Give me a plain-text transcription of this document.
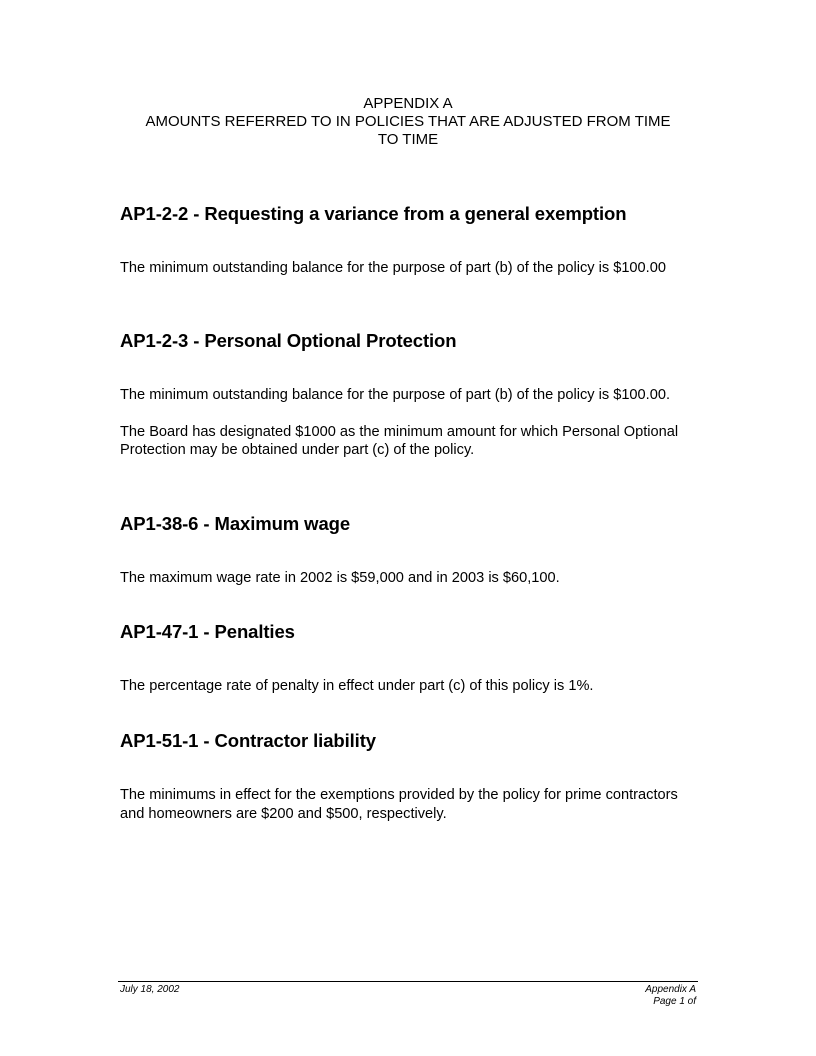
APPENDIX A
AMOUNTS REFERRED TO IN POLICIES THAT ARE ADJUSTED FROM TIME
TO TIME
AP1-2-2 - Requesting a variance from a general exemption

The minimum outstanding balance for the purpose of part (b) of the policy is $100.00

AP1-2-3 - Personal Optional Protection

The minimum outstanding balance for the purpose of part (b) of the policy is $100.00.

The Board has designated $1000 as the minimum amount for which Personal Optional Protection may be obtained under part (c) of the policy.

AP1-38-6 - Maximum wage

The maximum wage rate in 2002 is $59,000 and in 2003 is $60,100.

AP1-47-1 - Penalties

The percentage rate of penalty in effect under part (c) of this policy is 1%.

AP1-51-1 - Contractor liability

The minimums in effect for the exemptions provided by the policy for prime contractors and homeowners are $200 and $500, respectively.

July 18, 2002	Appendix A
Page 1 of
